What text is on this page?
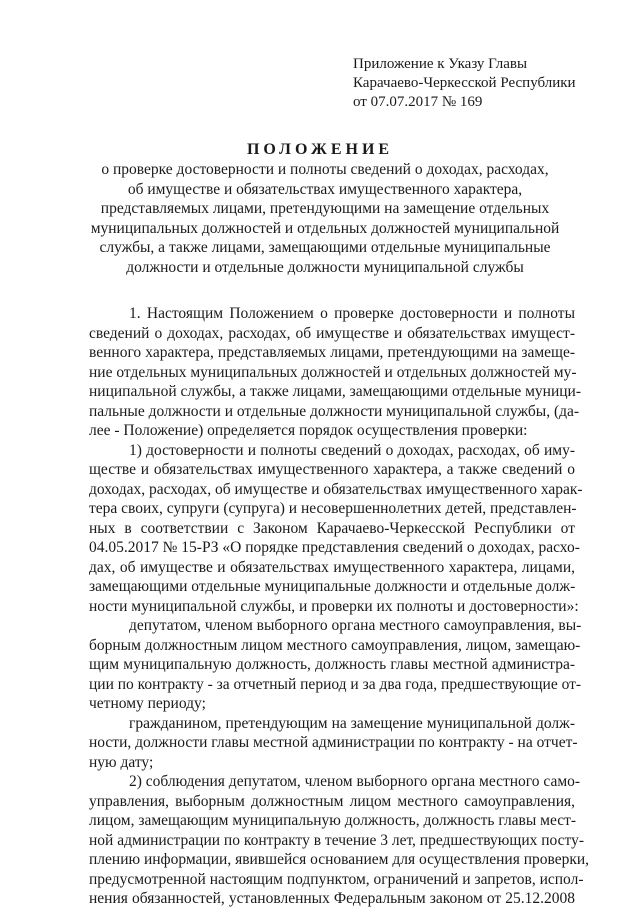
Приложение к Указу Главы
Карачаево-Черкесской Республики
от 07.07.2017 № 169
ПОЛОЖЕНИЕ
о проверке достоверности и полноты сведений о доходах, расходах,
об имуществе и обязательствах имущественного характера,
представляемых лицами, претендующими на замещение отдельных
муниципальных должностей и отдельных должностей муниципальной
службы, а также лицами, замещающими отдельные муниципальные
должности и отдельные должности муниципальной службы
1. Настоящим Положением о проверке достоверности и полноты
сведений о доходах, расходах, об имуществе и обязательствах имущест-
венного характера, представляемых лицами, претендующими на замеще-
ние отдельных муниципальных должностей и отдельных должностей му-
ниципальной службы, а также лицами, замещающими отдельные муници-
пальные должности и отдельные должности муниципальной службы, (да-
лее - Положение) определяется порядок осуществления проверки:
1) достоверности и полноты сведений о доходах, расходах, об иму-
ществе и обязательствах имущественного характера, а также сведений о
доходах, расходах, об имуществе и обязательствах имущественного харак-
тера своих, супруги (супруга) и несовершеннолетних детей, представлен-
ных в соответствии с Законом Карачаево-Черкесской Республики от
04.05.2017 № 15-РЗ «О порядке представления сведений о доходах, расхо-
дах, об имуществе и обязательствах имущественного характера, лицами,
замещающими отдельные муниципальные должности и отдельные долж-
ности муниципальной службы, и проверки их полноты и достоверности»:
депутатом, членом выборного органа местного самоуправления, вы-
борным должностным лицом местного самоуправления, лицом, замещаю-
щим муниципальную должность, должность главы местной администра-
ции по контракту - за отчетный период и за два года, предшествующие от-
четному периоду;
гражданином, претендующим на замещение муниципальной долж-
ности, должности главы местной администрации по контракту - на отчет-
ную дату;
2) соблюдения депутатом, членом выборного органа местного само-
управления, выборным должностным лицом местного самоуправления,
лицом, замещающим муниципальную должность, должность главы мест-
ной администрации по контракту в течение 3 лет, предшествующих посту-
плению информации, явившейся основанием для осуществления проверки,
предусмотренной настоящим подпунктом, ограничений и запретов, испол-
нения обязанностей, установленных Федеральным законом от 25.12.2008
